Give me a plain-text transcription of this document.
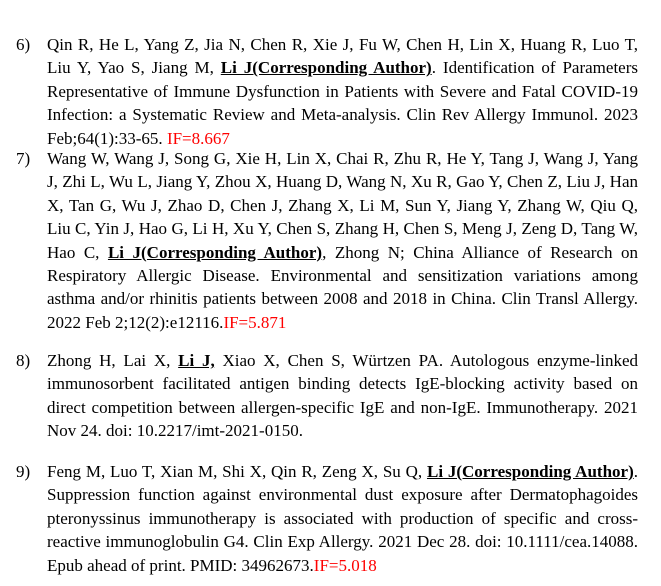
6) Qin R, He L, Yang Z, Jia N, Chen R, Xie J, Fu W, Chen H, Lin X, Huang R, Luo T, Liu Y, Yao S, Jiang M, Li J(Corresponding Author). Identification of Parameters Representative of Immune Dysfunction in Patients with Severe and Fatal COVID-19 Infection: a Systematic Review and Meta-analysis. Clin Rev Allergy Immunol. 2023 Feb;64(1):33-65. IF=8.667
7) Wang W, Wang J, Song G, Xie H, Lin X, Chai R, Zhu R, He Y, Tang J, Wang J, Yang J, Zhi L, Wu L, Jiang Y, Zhou X, Huang D, Wang N, Xu R, Gao Y, Chen Z, Liu J, Han X, Tan G, Wu J, Zhao D, Chen J, Zhang X, Li M, Sun Y, Jiang Y, Zhang W, Qiu Q, Liu C, Yin J, Hao G, Li H, Xu Y, Chen S, Zhang H, Chen S, Meng J, Zeng D, Tang W, Hao C, Li J(Corresponding Author), Zhong N; China Alliance of Research on Respiratory Allergic Disease. Environmental and sensitization variations among asthma and/or rhinitis patients between 2008 and 2018 in China. Clin Transl Allergy. 2022 Feb 2;12(2):e12116.IF=5.871
8) Zhong H, Lai X, Li J, Xiao X, Chen S, Würtzen PA. Autologous enzyme-linked immunosorbent facilitated antigen binding detects IgE-blocking activity based on direct competition between allergen-specific IgE and non-IgE. Immunotherapy. 2021 Nov 24. doi: 10.2217/imt-2021-0150.
9) Feng M, Luo T, Xian M, Shi X, Qin R, Zeng X, Su Q, Li J(Corresponding Author). Suppression function against environmental dust exposure after Dermatophagoides pteronyssinus immunotherapy is associated with production of specific and cross-reactive immunoglobulin G4. Clin Exp Allergy. 2021 Dec 28. doi: 10.1111/cea.14088. Epub ahead of print. PMID: 34962673.IF=5.018
